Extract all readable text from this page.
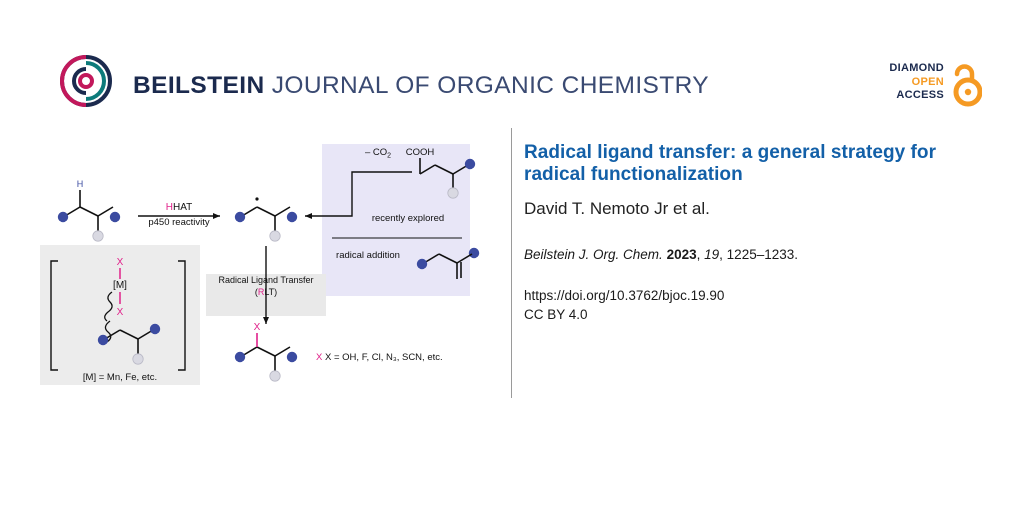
BEILSTEIN JOURNAL OF ORGANIC CHEMISTRY
DIAMOND
OPEN
ACCESS
Radical ligand transfer: a general strategy for radical functionalization
David T. Nemoto Jr et al.
Beilstein J. Org. Chem. 2023, 19, 1225–1233.
https://doi.org/10.3762/bjoc.19.90
CC BY 4.0
H
HHAT
p450 reactivity
Radical Ligand Transfer
(RLT)
X
X X = OH, F, Cl, N₃, SCN, etc.
X
[M]
X
[M] = Mn, Fe, etc.
COOH
– $CO_2$
recently explored
radical addition
